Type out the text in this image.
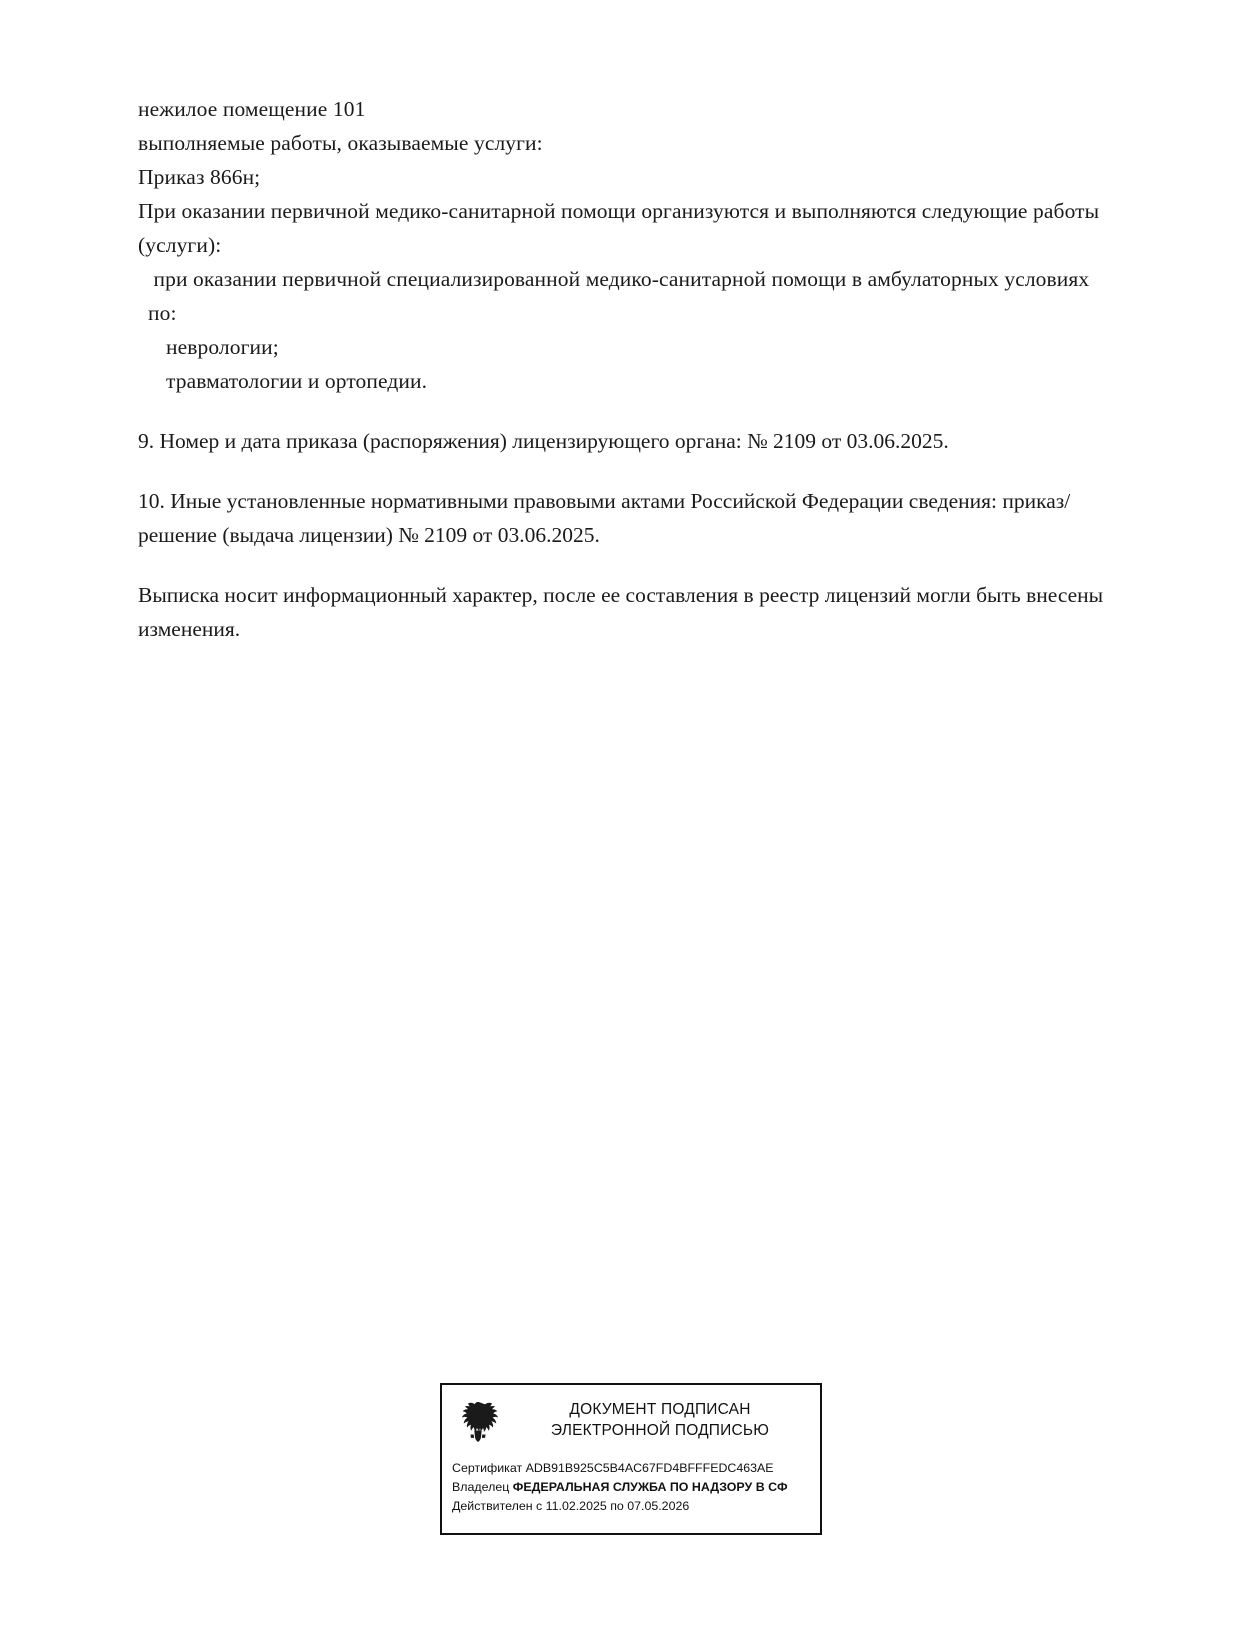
нежилое помещение 101
выполняемые работы, оказываемые услуги:
Приказ 866н;
При оказании первичной медико-санитарной помощи организуются и выполняются следующие работы (услуги):
при оказании первичной специализированной медико-санитарной помощи в амбулаторных условиях по:
неврологии;
травматологии и ортопедии.
9. Номер и дата приказа (распоряжения) лицензирующего органа: № 2109 от 03.06.2025.
10. Иные установленные нормативными правовыми актами Российской Федерации сведения: приказ/решение (выдача лицензии) № 2109 от 03.06.2025.
Выписка носит информационный характер, после ее составления в реестр лицензий могли быть внесены изменения.
ДОКУМЕНТ ПОДПИСАН
ЭЛЕКТРОННОЙ ПОДПИСЬЮ
Сертификат ADB91B925C5B4AC67FD4BFFFEDC463AE
Владелец ФЕДЕРАЛЬНАЯ СЛУЖБА ПО НАДЗОРУ В СФ
Действителен с 11.02.2025 по 07.05.2026
